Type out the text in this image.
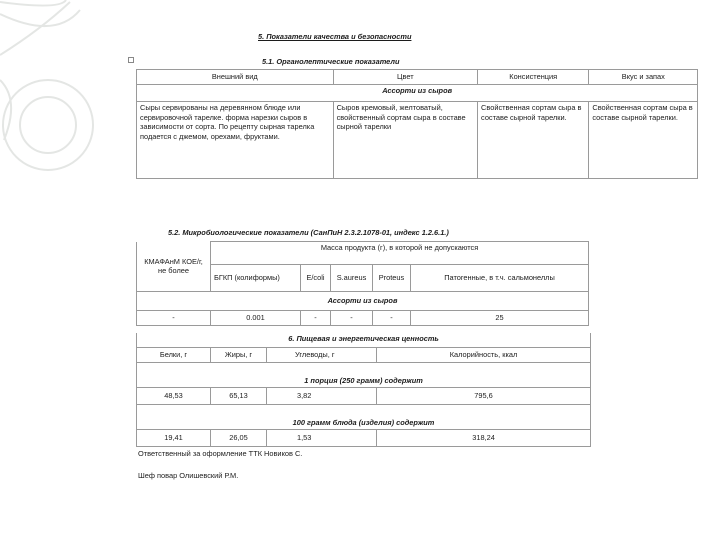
5. Показатели качества и безопасности
5.1. Органолептические показатели
Внешний вид	Цвет	Консистенция	Вкус и запах	
Ассорти из сыров				
Сыры сервированы на деревянном блюде или сервировочной тарелке. форма нарезки сыров в зависимости от сорта. По рецепту сырная тарелка подается с джемом, орехами, фруктами.	Сыров кремовый, желтоватый, свойственный сортам сыра в составе сырной тарелки	Свойственная сортам сыра в составе сырной тарелки.	Свойственная сортам сыра в составе сырной тарелки.	
5.2. Микробиологические показатели (СанПиН 2.3.2.1078-01, индекс 1.2.6.1.)
КМАФАнМ КОЕ/г, не более	Масса продукта (г), в которой не допускаются				
	БГКП (колиформы)	E/coli	S.aureus	Proteus	Патогенные, в т.ч. сальмонеллы
Ассорти из сыров					
-	0.001	-	-	-	25
6. Пищевая и энергетическая ценность			
Белки, г	Жиры, г	Углеводы, г	Калорийность, ккал
1 порция (250 грамм) содержит			
48,53	65,13	3,82	795,6
100 грамм блюда (изделия) содержит			
19,41	26,05	1,53	318,24
Ответственный за оформление ТТК Новиков С.
Шеф повар Олишевский Р.М.
